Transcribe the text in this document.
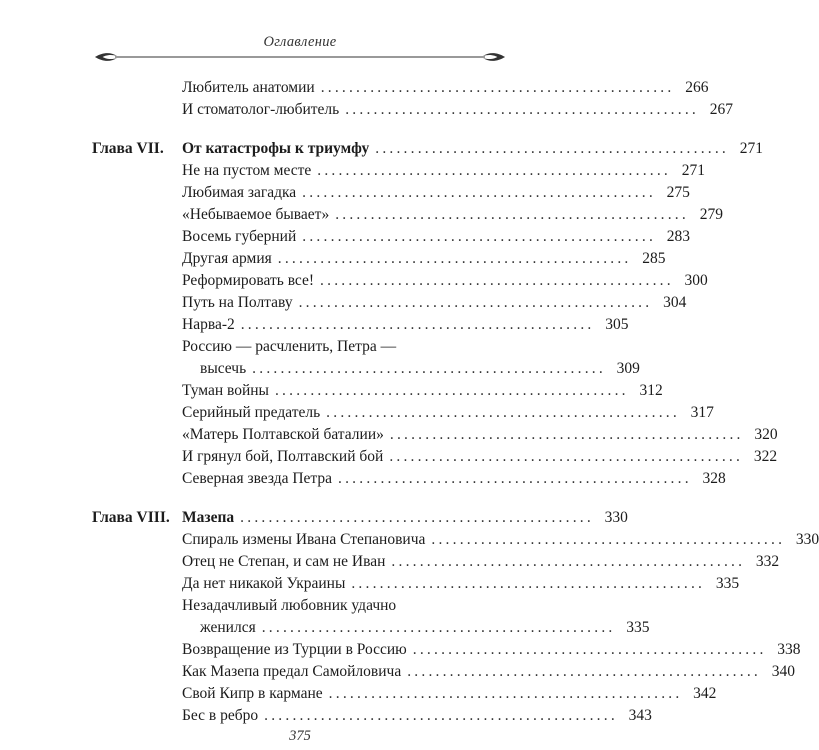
Оглавление
Любитель анатомии .................................................. 266
И стоматолог-любитель .................................................. 267
Глава VII. От катастрофы к триумфу .................................................. 271
Не на пустом месте .................................................. 271
Любимая загадка .................................................. 275
«Небываемое бывает» .................................................. 279
Восемь губерний .................................................. 283
Другая армия .................................................. 285
Реформировать все! .................................................. 300
Путь на Полтаву .................................................. 304
Нарва-2 .................................................. 305
Россию — расчленить, Петра —
высечь .................................................. 309
Туман войны .................................................. 312
Серийный предатель .................................................. 317
«Матерь Полтавской баталии» .................................................. 320
И грянул бой, Полтавский бой .................................................. 322
Северная звезда Петра .................................................. 328
Глава VIII. Мазепа .................................................. 330
Спираль измены Ивана Степановича .................................................. 330
Отец не Степан, и сам не Иван .................................................. 332
Да нет никакой Украины .................................................. 335
Незадачливый любовник удачно
женился .................................................. 335
Возвращение из Турции в Россию .................................................. 338
Как Мазепа предал Самойловича .................................................. 340
Свой Кипр в кармане .................................................. 342
Бес в ребро .................................................. 343
375
